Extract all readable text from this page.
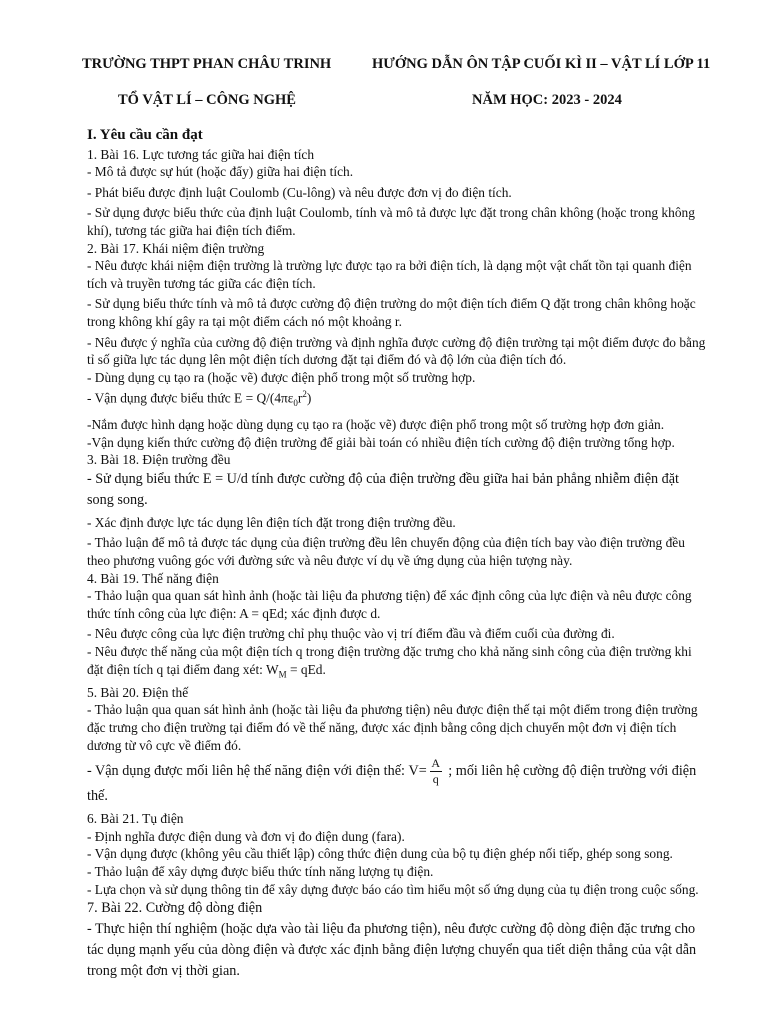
TRƯỜNG THPT PHAN CHÂU TRINH	HƯỚNG DẪN ÔN TẬP CUỐI KÌ II – VẬT LÍ LỚP 11
TỔ VẬT LÍ – CÔNG NGHỆ	NĂM HỌC: 2023 - 2024
I. Yêu cầu cần đạt
1. Bài 16. Lực tương tác giữa hai điện tích
- Mô tả được sự hút (hoặc đẩy) giữa hai điện tích.
- Phát biểu được định luật Coulomb (Cu-lông) và nêu được đơn vị đo điện tích.
- Sử dụng được biểu thức của định luật Coulomb, tính và mô tả được lực đặt trong chân không (hoặc trong không khí), tương tác giữa hai điện tích điểm.
2. Bài 17. Khái niệm điện trường
- Nêu được khái niệm điện trường là trường lực được tạo ra bởi điện tích, là dạng một vật chất tồn tại quanh điện tích và truyền tương tác giữa các điện tích.
- Sử dụng biểu thức tính và mô tả được cường độ điện trường do một điện tích điểm Q đặt trong chân không hoặc trong không khí gây ra tại một điểm cách nó một khoảng r.
- Nêu được ý nghĩa của cường độ điện trường và định nghĩa được cường độ điện trường tại một điểm được đo bằng tỉ số giữa lực tác dụng lên một điện tích dương đặt tại điểm đó và độ lớn của điện tích đó.
- Dùng dụng cụ tạo ra (hoặc vẽ) được điện phổ trong một số trường hợp.
- Vận dụng được biểu thức $E = Q/(4\pi\varepsilon_0r^2)$
-Nắm được hình dạng hoặc dùng dụng cụ tạo ra (hoặc vẽ) được điện phổ trong một số trường hợp đơn giản.
-Vận dụng kiến thức cường độ điện trường để giải bài toán có nhiều điện tích cường độ điện trường tổng hợp.
3. Bài 18. Điện trường đều
- Sử dụng biểu thức E = U/d tính được cường độ của điện trường đều giữa hai bản phẳng nhiễm điện đặt song song.
- Xác định được lực tác dụng lên điện tích đặt trong điện trường đều.
- Thảo luận để mô tả được tác dụng của điện trường đều lên chuyển động của điện tích bay vào điện trường đều theo phương vuông góc với đường sức và nêu được ví dụ về ứng dụng của hiện tượng này.
4. Bài 19. Thế năng điện
- Thảo luận qua quan sát hình ảnh (hoặc tài liệu đa phương tiện) để xác định công của lực điện và nêu được công thức tính công của lực điện: A = qEd; xác định được d.
- Nêu được công của lực điện trường chỉ phụ thuộc vào vị trí điểm đầu và điểm cuối của đường đi.
- Nêu được thế năng của một điện tích q trong điện trường đặc trưng cho khả năng sinh công của điện trường khi đặt điện tích q tại điểm đang xét: $W_M$ = qEd.
5. Bài 20. Điện thế
- Thảo luận qua quan sát hình ảnh (hoặc tài liệu đa phương tiện) nêu được điện thế tại một điểm trong điện trường đặc trưng cho điện trường tại điểm đó về thế năng, được xác định bằng công dịch chuyển một đơn vị điện tích dương từ vô cực về điểm đó.
- Vận dụng được mối liên hệ thế năng điện với điện thế: $V = \frac{A}{q}$ ; mối liên hệ cường độ điện trường với điện thế.
6. Bài 21. Tụ điện
- Định nghĩa được điện dung và đơn vị đo điện dung (fara).
- Vận dụng được (không yêu cầu thiết lập) công thức điện dung của bộ tụ điện ghép nối tiếp, ghép song song.
- Thảo luận để xây dựng được biểu thức tính năng lượng tụ điện.
- Lựa chọn và sử dụng thông tin để xây dựng được báo cáo tìm hiểu một số ứng dụng của tụ điện trong cuộc sống.
7. Bài 22. Cường độ dòng điện
- Thực hiện thí nghiệm (hoặc dựa vào tài liệu đa phương tiện), nêu được cường độ dòng điện đặc trưng cho tác dụng mạnh yếu của dòng điện và được xác định bằng điện lượng chuyển qua tiết diện thẳng của vật dẫn trong một đơn vị thời gian.
